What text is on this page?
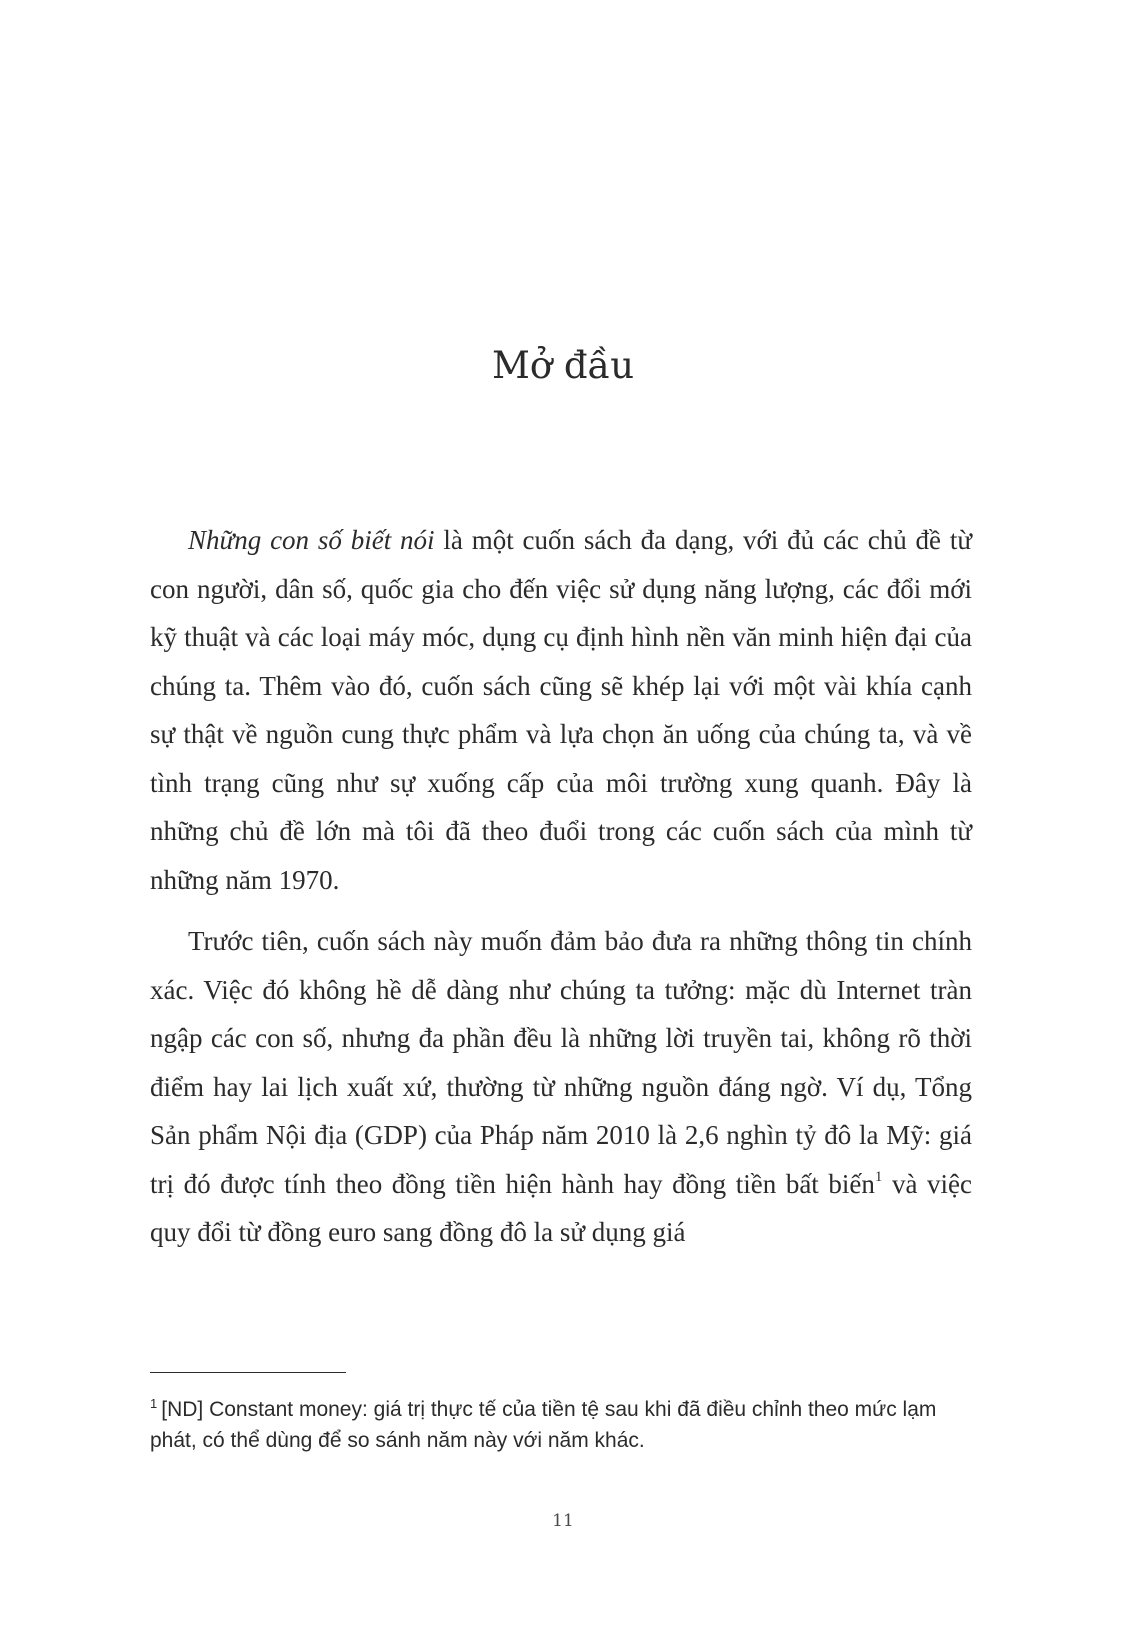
Mở đầu

Những con số biết nói là một cuốn sách đa dạng, với đủ các chủ đề từ con người, dân số, quốc gia cho đến việc sử dụng năng lượng, các đổi mới kỹ thuật và các loại máy móc, dụng cụ định hình nền văn minh hiện đại của chúng ta. Thêm vào đó, cuốn sách cũng sẽ khép lại với một vài khía cạnh sự thật về nguồn cung thực phẩm và lựa chọn ăn uống của chúng ta, và về tình trạng cũng như sự xuống cấp của môi trường xung quanh. Đây là những chủ đề lớn mà tôi đã theo đuổi trong các cuốn sách của mình từ những năm 1970.

Trước tiên, cuốn sách này muốn đảm bảo đưa ra những thông tin chính xác. Việc đó không hề dễ dàng như chúng ta tưởng: mặc dù Internet tràn ngập các con số, nhưng đa phần đều là những lời truyền tai, không rõ thời điểm hay lai lịch xuất xứ, thường từ những nguồn đáng ngờ. Ví dụ, Tổng Sản phẩm Nội địa (GDP) của Pháp năm 2010 là 2,6 nghìn tỷ đô la Mỹ: giá trị đó được tính theo đồng tiền hiện hành hay đồng tiền bất biến$^1$ và việc quy đổi từ đồng euro sang đồng đô la sử dụng giá

$^1$ [ND] Constant money: giá trị thực tế của tiền tệ sau khi đã điều chỉnh theo mức lạm phát, có thể dùng để so sánh năm này với năm khác.
11
